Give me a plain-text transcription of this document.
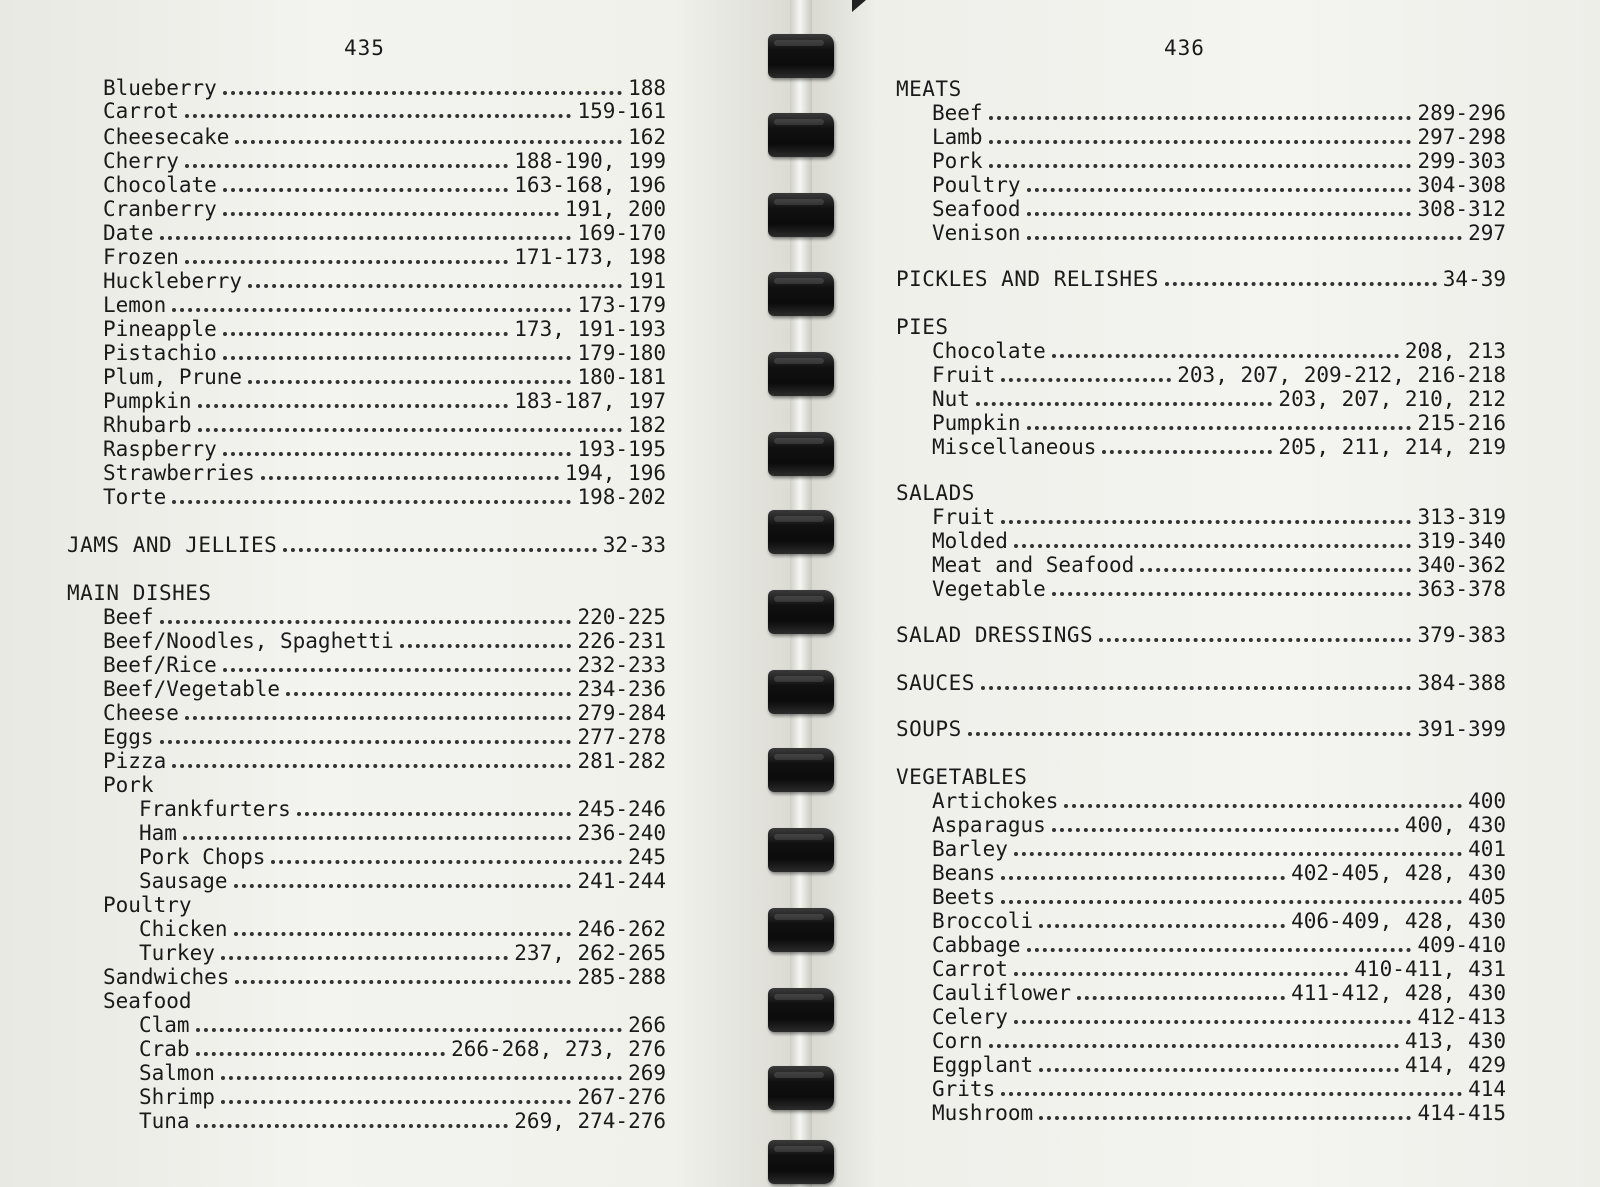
435
Blueberry	188
Carrot	159-161
Cheesecake	162
Cherry	188-190, 199
Chocolate	163-168, 196
Cranberry	191, 200
Date	169-170
Frozen	171-173, 198
Huckleberry	191
Lemon	173-179
Pineapple	173, 191-193
Pistachio	179-180
Plum, Prune	180-181
Pumpkin	183-187, 197
Rhubarb	182
Raspberry	193-195
Strawberries	194, 196
Torte	198-202
JAMS AND JELLIES	32-33
MAIN DISHES
Beef	220-225
Beef/Noodles, Spaghetti	226-231
Beef/Rice	232-233
Beef/Vegetable	234-236
Cheese	279-284
Eggs	277-278
Pizza	281-282
Pork
Frankfurters	245-246
Ham	236-240
Pork Chops	245
Sausage	241-244
Poultry
Chicken	246-262
Turkey	237, 262-265
Sandwiches	285-288
Seafood
Clam	266
Crab	266-268, 273, 276
Salmon	269
Shrimp	267-276
Tuna	269, 274-276
436
MEATS
Beef	289-296
Lamb	297-298
Pork	299-303
Poultry	304-308
Seafood	308-312
Venison	297
PICKLES AND RELISHES	34-39
PIES
Chocolate	208, 213
Fruit	203, 207, 209-212, 216-218
Nut	203, 207, 210, 212
Pumpkin	215-216
Miscellaneous	205, 211, 214, 219
SALADS
Fruit	313-319
Molded	319-340
Meat and Seafood	340-362
Vegetable	363-378
SALAD DRESSINGS	379-383
SAUCES	384-388
SOUPS	391-399
VEGETABLES
Artichokes	400
Asparagus	400, 430
Barley	401
Beans	402-405, 428, 430
Beets	405
Broccoli	406-409, 428, 430
Cabbage	409-410
Carrot	410-411, 431
Cauliflower	411-412, 428, 430
Celery	412-413
Corn	413, 430
Eggplant	414, 429
Grits	414
Mushroom	414-415
